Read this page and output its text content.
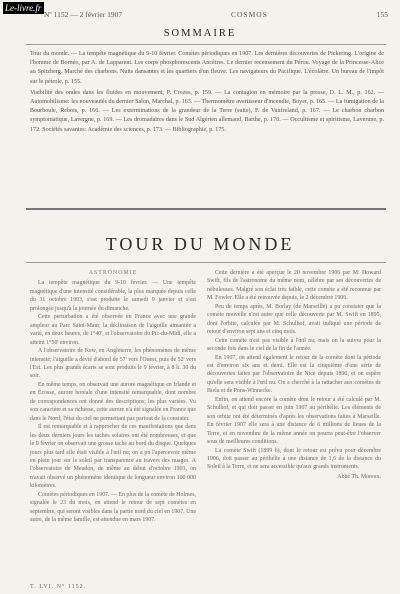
Le-livre.fr
Nº 1152 — 2 février 1907	COSMOS	155
SOMMAIRE

Tour du monde. — La tempête magnétique du 9-10 février. Comètes périodiques en 1907. Les dernières découvertes de Pickering. L'origine de l'homme de Bornéo, par A. de Lapparent. Les corps phosphorescents Ancêtres. Le dernier recensement du Pérou. Voyage de la Princesse-Alice au Spitzberg. Marché des charbons. Nuits dansantes et les quartiers d'un fleuve. Les navigateurs du Pacifique. L'écolâtre. Un bureau de l'impôt sur le pétrole, p. 155.

Visibilité des ondes dans les fluides en mouvement, P. Crozes, p. 159. — La contagion en mémoire par la presse, D. L. M., p. 162. — Automobilisme: les nouveautés du dernier Salon, Marchal, p. 163. — Thermomètre avertisseur d'incendie, Boyer, p. 165. — La fumigation de la Bourboule, Rebois, p. 166. — Les exterminations de la grandeur de la Terre (suite), F. de Vaufreland, p. 167. — Le charbon charbon symptomatique, Lavergne, p. 169. — Les dromadaires dans le Sud Algérien allemand, Barthe, p. 170. — Occultisme et spiritisme, Laverune, p. 172. Sociétés savantes: Académie des sciences, p. 173. — Bibliographie, p. 175.

TOUR DU MONDE

ASTRONOMIE

La tempête magnétique du 9-10 février. — Une tempête magnétique d'une intensité considérable, la plus marquée depuis celle du 31 octobre 1903, s'est produite le samedi 9 janvier et s'est prolongée jusqu'à la journée du dimanche.

Cette perturbation a été observée en France avec une grande ampleur au Parc Saint-Maur, la déclinaison de l'aiguille aimantée a varié, en deux heures, de 1°40', et l'observatoire du Pic-du-Midi, elle a atteint 1°50' environ.

A l'observatoire de Kew, en Angleterre, les phénomènes de même intensité; l'aiguille a dévié d'abord de 57' vers l'Ouest, puis de 52' vers l'Est. Les plus grands écarts se sont produits le 9 février, à 8 h. 30 du soir.

En même temps, on observait une aurore magnétique en Irlande et en Écosse, aurore boréale d'une intensité remarquable, dont nombre de correspondances ont donné des descriptions; les plus variées. Vu son caractère et sa richesse, cette aurore n'a été signalée en France que dans le Nord; l'état du ciel ne permettant pas partout de la constater.

Il est remarquable et à rapprocher de ces manifestations que dans les deux derniers jours les taches solaires ont été nombreuses, et que le 9 février on observait une grosse tache au bord du disque. Quelques jours plus tard elle était visible à l'œil nu; on a pu l'apercevoir même en plein jour sur le soleil par transparence au travers des nuages. A l'observatoire de Meudon, de même au début d'octobre 1903, on n'avait observé un phénomène identique de longueur environ 100 000 kilomètres.

Comètes périodiques en 1907. — En plus de la comète de Holmes, signalée le 23 du mois, on attend le retour de sept comètes en septembre, qui seront visibles dans la partie nord du ciel en 1907. Une autre, de la même famille, est attendue en mars 1907.

Cette dernière a été aperçue le 20 novembre 1906 par M. Howard Swift, fils de l'astronome du même nom, célèbre par ses découvertes de nébuleuses. Malgré son éclat très faible, cette comète a été reconnue par M. Fowler. Elle a été retrouvée depuis, le 2 décembre 1906.

Peu de temps après, M. Borlay (de Marseille) a pu constater que la comète nouvelle n'est autre que celle découverte par M. Swift en 1895, dont l'orbite, calculée par M. Schulhof, avait indiqué une période de retour d'environ sept ans et cinq mois.

Cette comète n'est pas visible à l'œil nu; mais on la suivra pour la seconde fois dans le ciel de la fin de l'année.

En 1907, on attend également le retour de la comète dont la période est d'environ six ans et demi. Elle est la cinquième d'une série de découvertes faites par l'observatoire de Nice depuis 1896, et on espère qu'elle sera visible à l'œil nu. On a cherché à la rattacher aux comètes de Biela et de Pons-Winnecke.

Enfin, on attend encore la comète dont le retour a été calculé par M. Schulhof, et qui doit passer en juin 1907 au périhélie. Les éléments de son orbite ont été déterminés d'après les observations faites à Marseille. En février 1907 elle sera à une distance de 6 millions de lieues de la Terre, et en novembre de la même année on pourra peut-être l'observer sous de meilleures conditions.

La comète Swift (1899 b), dont le retour est prévu pour décembre 1906, doit passer au périhélie à une distance de 1,6 de la distance du Soleil à la Terre, et ne sera accessible qu'aux grands instruments.

Abbé Th. Moreux.

T. LVI. N° 1152.
